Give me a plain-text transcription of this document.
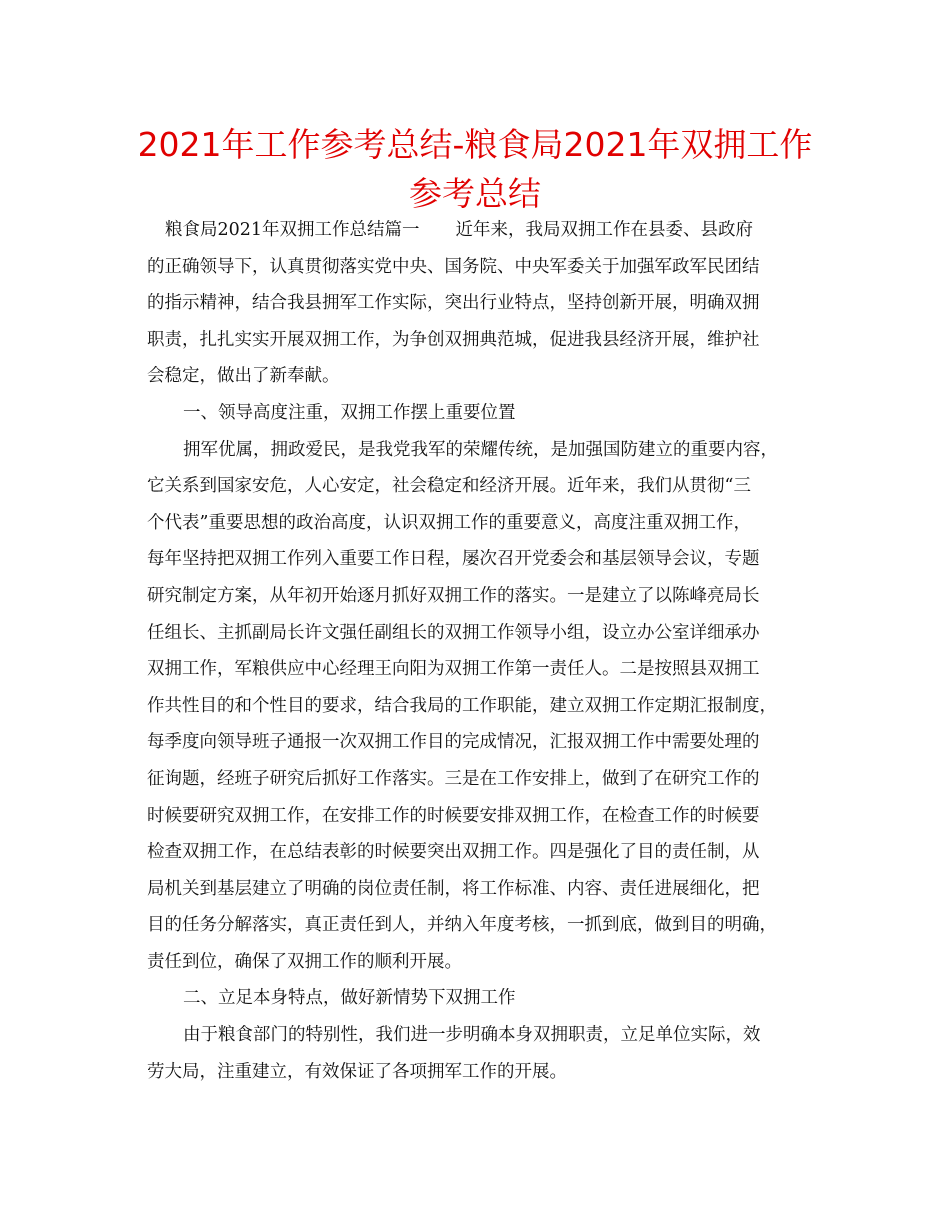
2021年工作参考总结-粮食局2021年双拥工作
参考总结

粮食局2021年双拥工作总结篇一 近年来，我局双拥工作在县委、县政府
的正确领导下，认真贯彻落实党中央、国务院、中央军委关于加强军政军民团结
的指示精神，结合我县拥军工作实际，突出行业特点，坚持创新开展，明确双拥
职责，扎扎实实开展双拥工作，为争创双拥典范城，促进我县经济开展，维护社
会稳定，做出了新奉献。

一、领导高度注重，双拥工作摆上重要位置

拥军优属，拥政爱民，是我党我军的荣耀传统，是加强国防建立的重要内容，
它关系到国家安危，人心安定，社会稳定和经济开展。近年来，我们从贯彻“三
个代表”重要思想的政治高度，认识双拥工作的重要意义，高度注重双拥工作，
每年坚持把双拥工作列入重要工作日程，屡次召开党委会和基层领导会议，专题
研究制定方案，从年初开始逐月抓好双拥工作的落实。一是建立了以陈峰亮局长
任组长、主抓副局长许文强任副组长的双拥工作领导小组，设立办公室详细承办
双拥工作，军粮供应中心经理王向阳为双拥工作第一责任人。二是按照县双拥工
作共性目的和个性目的要求，结合我局的工作职能，建立双拥工作定期汇报制度，
每季度向领导班子通报一次双拥工作目的完成情况，汇报双拥工作中需要处理的
征询题，经班子研究后抓好工作落实。三是在工作安排上，做到了在研究工作的
时候要研究双拥工作，在安排工作的时候要安排双拥工作，在检查工作的时候要
检查双拥工作，在总结表彰的时候要突出双拥工作。四是强化了目的责任制，从
局机关到基层建立了明确的岗位责任制，将工作标准、内容、责任进展细化，把
目的任务分解落实，真正责任到人，并纳入年度考核，一抓到底，做到目的明确，
责任到位，确保了双拥工作的顺利开展。

二、立足本身特点，做好新情势下双拥工作

由于粮食部门的特别性，我们进一步明确本身双拥职责，立足单位实际，效
劳大局，注重建立，有效保证了各项拥军工作的开展。
